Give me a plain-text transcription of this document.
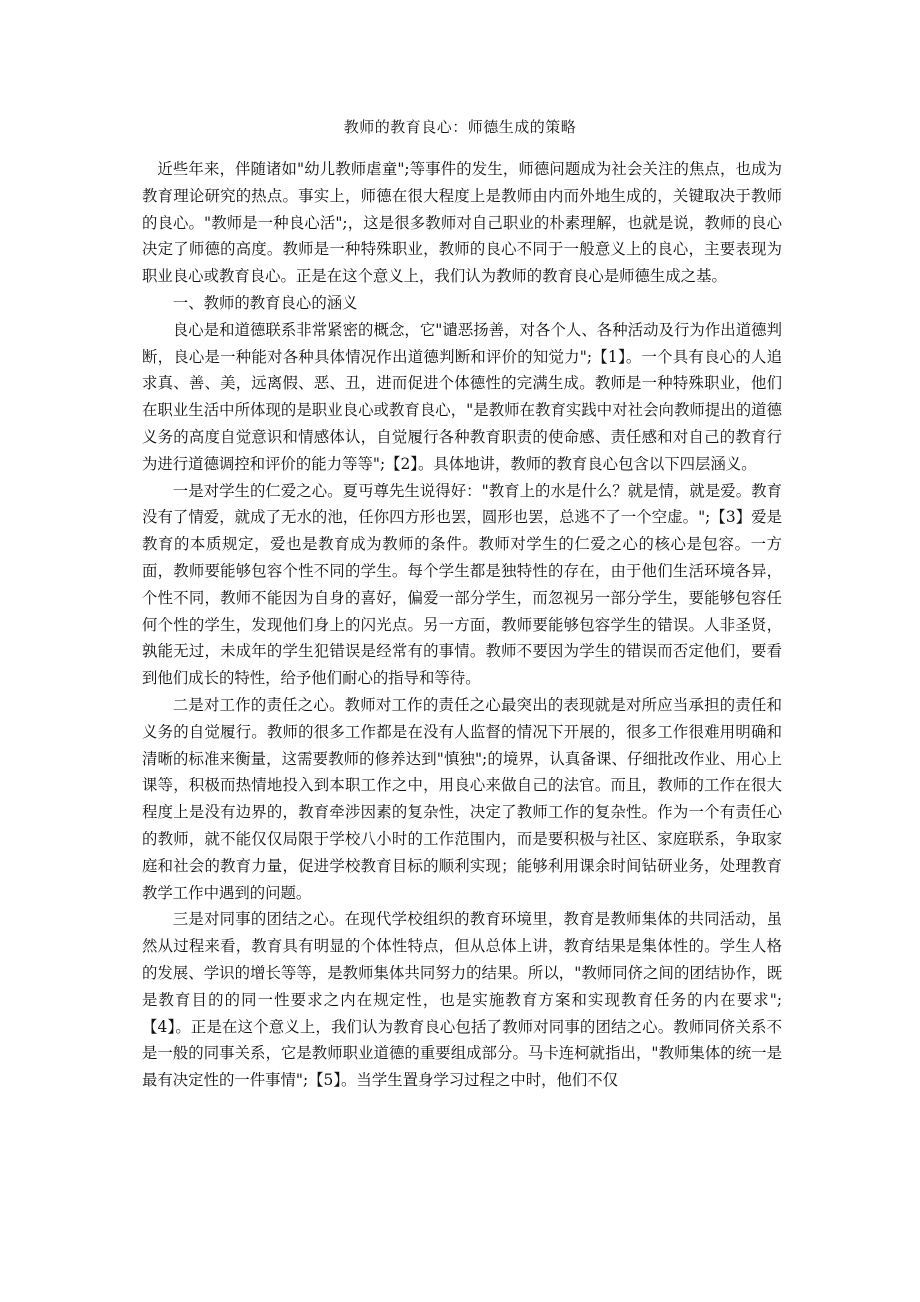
教师的教育良心：师德生成的策略

近些年来，伴随诸如"幼儿教师虐童";等事件的发生，师德问题成为社会关注的焦点，也成为教育理论研究的热点。事实上，师德在很大程度上是教师由内而外地生成的，关键取决于教师的良心。"教师是一种良心活";，这是很多教师对自己职业的朴素理解，也就是说，教师的良心决定了师德的高度。教师是一种特殊职业，教师的良心不同于一般意义上的良心，主要表现为职业良心或教育良心。正是在这个意义上，我们认为教师的教育良心是师德生成之基。

一、教师的教育良心的涵义

良心是和道德联系非常紧密的概念，它"谴恶扬善，对各个人、各种活动及行为作出道德判断，良心是一种能对各种具体情况作出道德判断和评价的知觉力";【1】。一个具有良心的人追求真、善、美，远离假、恶、丑，进而促进个体德性的完满生成。教师是一种特殊职业，他们在职业生活中所体现的是职业良心或教育良心，"是教师在教育实践中对社会向教师提出的道德义务的高度自觉意识和情感体认，自觉履行各种教育职责的使命感、责任感和对自己的教育行为进行道德调控和评价的能力等等";【2】。具体地讲，教师的教育良心包含以下四层涵义。

一是对学生的仁爱之心。夏丏尊先生说得好："教育上的水是什么？就是情，就是爱。教育没有了情爱，就成了无水的池，任你四方形也罢，圆形也罢，总逃不了一个空虚。";【3】爱是教育的本质规定，爱也是教育成为教师的条件。教师对学生的仁爱之心的核心是包容。一方面，教师要能够包容个性不同的学生。每个学生都是独特性的存在，由于他们生活环境各异，个性不同，教师不能因为自身的喜好，偏爱一部分学生，而忽视另一部分学生，要能够包容任何个性的学生，发现他们身上的闪光点。另一方面，教师要能够包容学生的错误。人非圣贤，孰能无过，未成年的学生犯错误是经常有的事情。教师不要因为学生的错误而否定他们，要看到他们成长的特性，给予他们耐心的指导和等待。

二是对工作的责任之心。教师对工作的责任之心最突出的表现就是对所应当承担的责任和义务的自觉履行。教师的很多工作都是在没有人监督的情况下开展的，很多工作很难用明确和清晰的标准来衡量，这需要教师的修养达到"慎独";的境界，认真备课、仔细批改作业、用心上课等，积极而热情地投入到本职工作之中，用良心来做自己的法官。而且，教师的工作在很大程度上是没有边界的，教育牵涉因素的复杂性，决定了教师工作的复杂性。作为一个有责任心的教师，就不能仅仅局限于学校八小时的工作范围内，而是要积极与社区、家庭联系，争取家庭和社会的教育力量，促进学校教育目标的顺利实现；能够利用课余时间钻研业务，处理教育教学工作中遇到的问题。

三是对同事的团结之心。在现代学校组织的教育环境里，教育是教师集体的共同活动，虽然从过程来看，教育具有明显的个体性特点，但从总体上讲，教育结果是集体性的。学生人格的发展、学识的增长等等，是教师集体共同努力的结果。所以，"教师同侪之间的团结协作，既是教育目的的同一性要求之内在规定性，也是实施教育方案和实现教育任务的内在要求";【4】。正是在这个意义上，我们认为教育良心包括了教师对同事的团结之心。教师同侪关系不是一般的同事关系，它是教师职业道德的重要组成部分。马卡连柯就指出，"教师集体的统一是最有决定性的一件事情";【5】。当学生置身学习过程之中时，他们不仅
